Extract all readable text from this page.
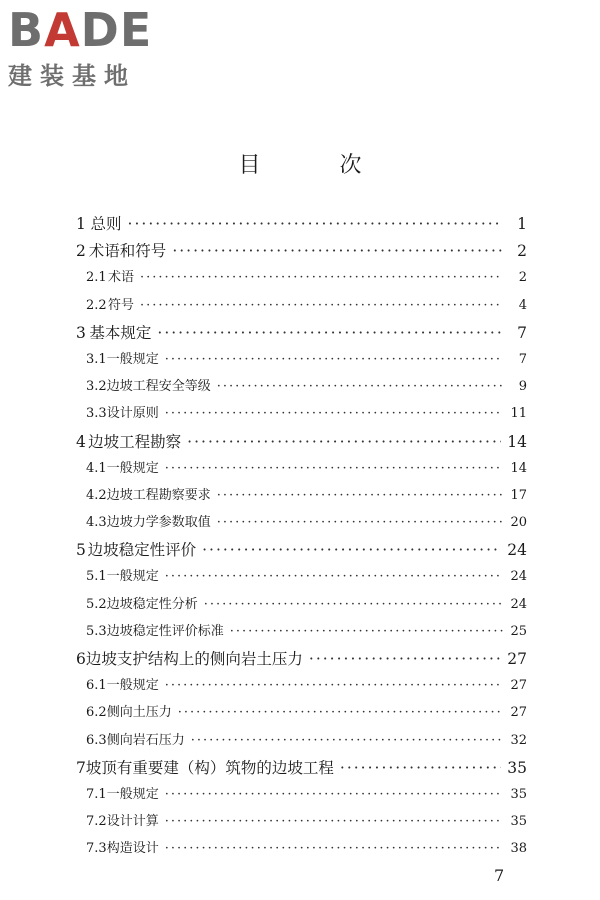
BADE
建装基地
目 次
1 总则 ·····	1
2 术语和符号 ·····	2
2.1 术语 ·····	2
2.2 符号 ·····	4
3 基本规定 ·····	7
3.1 一般规定 ·····	7
3.2 边坡工程安全等级 ·····	9
3.3 设计原则 ·····	11
4 边坡工程勘察 ·····	14
4.1 一般规定 ·····	14
4.2 边坡工程勘察要求 ·····	17
4.3 边坡力学参数取值 ·····	20
5 边坡稳定性评价 ·····	24
5.1 一般规定 ·····	24
5.2 边坡稳定性分析 ·····	24
5.3 边坡稳定性评价标准 ·····	25
6 边坡支护结构上的侧向岩土压力 ·····	27
6.1 一般规定 ·····	27
6.2 侧向土压力 ·····	27
6.3 侧向岩石压力 ·····	32
7 坡顶有重要建（构）筑物的边坡工程 ·····	35
7.1 一般规定 ·····	35
7.2 设计计算 ·····	35
7.3 构造设计 ·····	38
7
